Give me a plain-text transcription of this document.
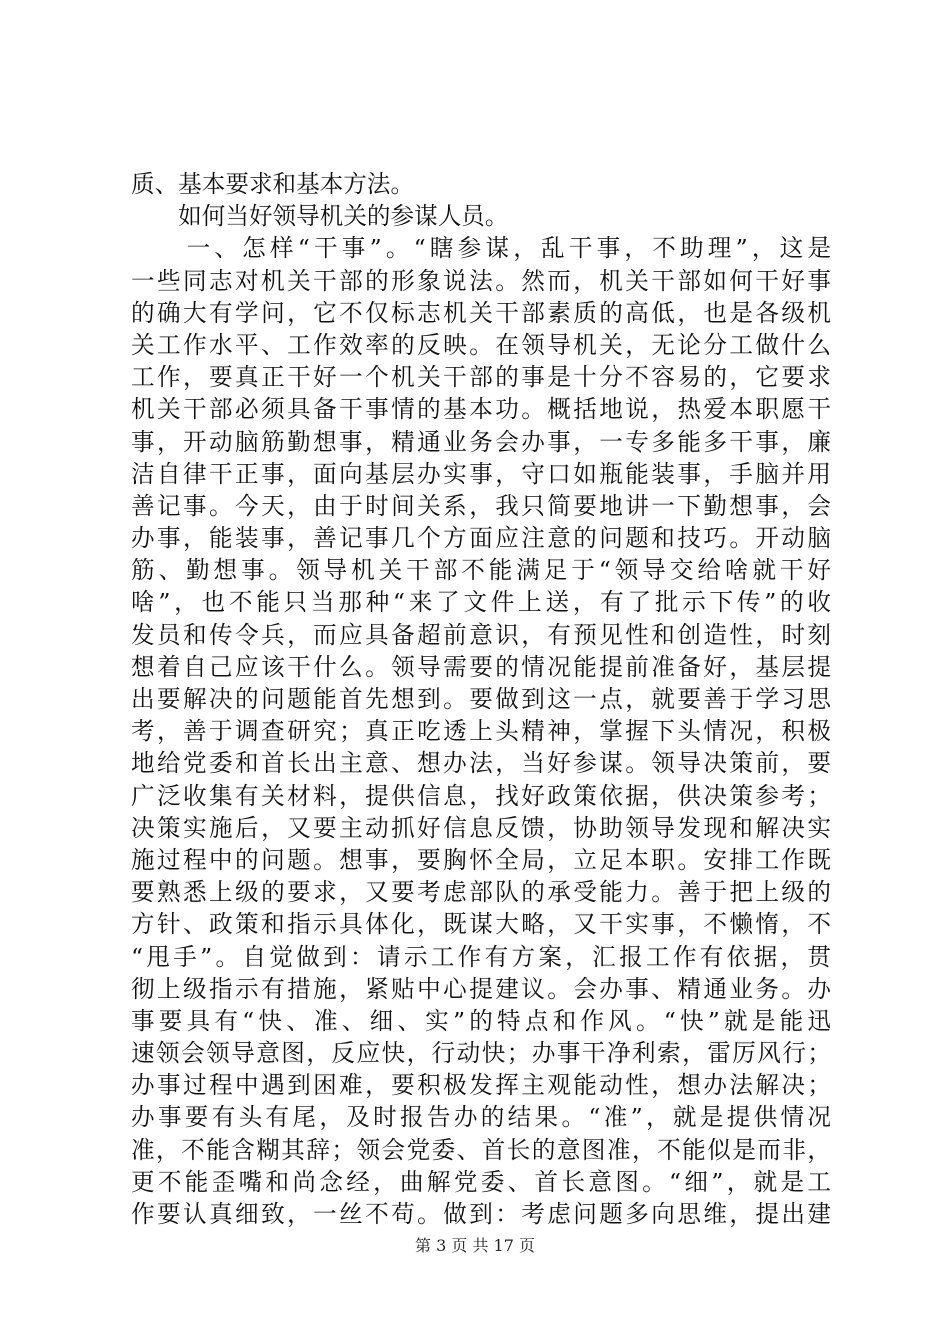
质、基本要求和基本方法。
　　如何当好领导机关的参谋人员。
　　一、怎样“干事”。“瞎参谋，乱干事，不助理”，这是
一些同志对机关干部的形象说法。然而，机关干部如何干好事
的确大有学问，它不仅标志机关干部素质的高低，也是各级机
关工作水平、工作效率的反映。在领导机关，无论分工做什么
工作，要真正干好一个机关干部的事是十分不容易的，它要求
机关干部必须具备干事情的基本功。概括地说，热爱本职愿干
事，开动脑筋勤想事，精通业务会办事，一专多能多干事，廉
洁自律干正事，面向基层办实事，守口如瓶能装事，手脑并用
善记事。今天，由于时间关系，我只简要地讲一下勤想事，会
办事，能装事，善记事几个方面应注意的问题和技巧。开动脑
筋、勤想事。领导机关干部不能满足于“领导交给啥就干好
啥”，也不能只当那种“来了文件上送，有了批示下传”的收
发员和传令兵，而应具备超前意识，有预见性和创造性，时刻
想着自己应该干什么。领导需要的情况能提前准备好，基层提
出要解决的问题能首先想到。要做到这一点，就要善于学习思
考，善于调查研究；真正吃透上头精神，掌握下头情况，积极
地给党委和首长出主意、想办法，当好参谋。领导决策前，要
广泛收集有关材料，提供信息，找好政策依据，供决策参考；
决策实施后，又要主动抓好信息反馈，协助领导发现和解决实
施过程中的问题。想事，要胸怀全局，立足本职。安排工作既
要熟悉上级的要求，又要考虑部队的承受能力。善于把上级的
方针、政策和指示具体化，既谋大略，又干实事，不懒惰，不
“甩手”。自觉做到：请示工作有方案，汇报工作有依据，贯
彻上级指示有措施，紧贴中心提建议。会办事、精通业务。办
事要具有“快、准、细、实”的特点和作风。“快”就是能迅
速领会领导意图，反应快，行动快；办事干净利索，雷厉风行；
办事过程中遇到困难，要积极发挥主观能动性，想办法解决；
办事要有头有尾，及时报告办的结果。“准”，就是提供情况
准，不能含糊其辞；领会党委、首长的意图准，不能似是而非，
更不能歪嘴和尚念经，曲解党委、首长意图。“细”，就是工
作要认真细致，一丝不苟。做到：考虑问题多向思维，提出建
第 3 页 共 17 页
